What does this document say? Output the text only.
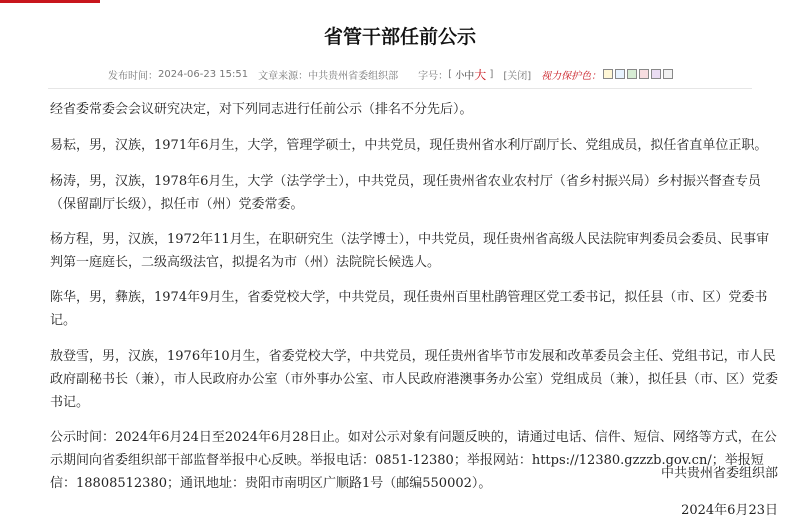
省管干部任前公示
发布时间： 2024-06-23 15:51 文章来源： 中共贵州省委组织部 字号： [
小 中 大
] [关闭] 视力保护色：

经省委常委会会议研究决定，对下列同志进行任前公示（排名不分先后）。

易耘，男，汉族，1971年6月生，大学，管理学硕士，中共党员，现任贵州省水利厅副厅长、党组成员，拟任省直单位正职。

杨涛，男，汉族，1978年6月生，大学（法学学士），中共党员，现任贵州省农业农村厅（省乡村振兴局）乡村振兴督查专员（保留副厅长级），拟任市（州）党委常委。

杨方程，男，汉族，1972年11月生，在职研究生（法学博士），中共党员，现任贵州省高级人民法院审判委员会委员、民事审判第一庭庭长，二级高级法官，拟提名为市（州）法院院长候选人。

陈华，男，彝族，1974年9月生，省委党校大学，中共党员，现任贵州百里杜鹃管理区党工委书记，拟任县（市、区）党委书记。

敖登雪，男，汉族，1976年10月生，省委党校大学，中共党员，现任贵州省毕节市发展和改革委员会主任、党组书记，市人民政府副秘书长（兼），市人民政府办公室（市外事办公室、市人民政府港澳事务办公室）党组成员（兼），拟任县（市、区）党委书记。

公示时间：2024年6月24日至2024年6月28日止。如对公示对象有问题反映的，请通过电话、信件、短信、网络等方式，在公示期间向省委组织部干部监督举报中心反映。举报电话：0851-12380；举报网站：https://12380.gzzzb.gov.cn/；举报短信：18808512380；通讯地址：贵阳市南明区广顺路1号（邮编550002）。

中共贵州省委组织部
2024年6月23日
